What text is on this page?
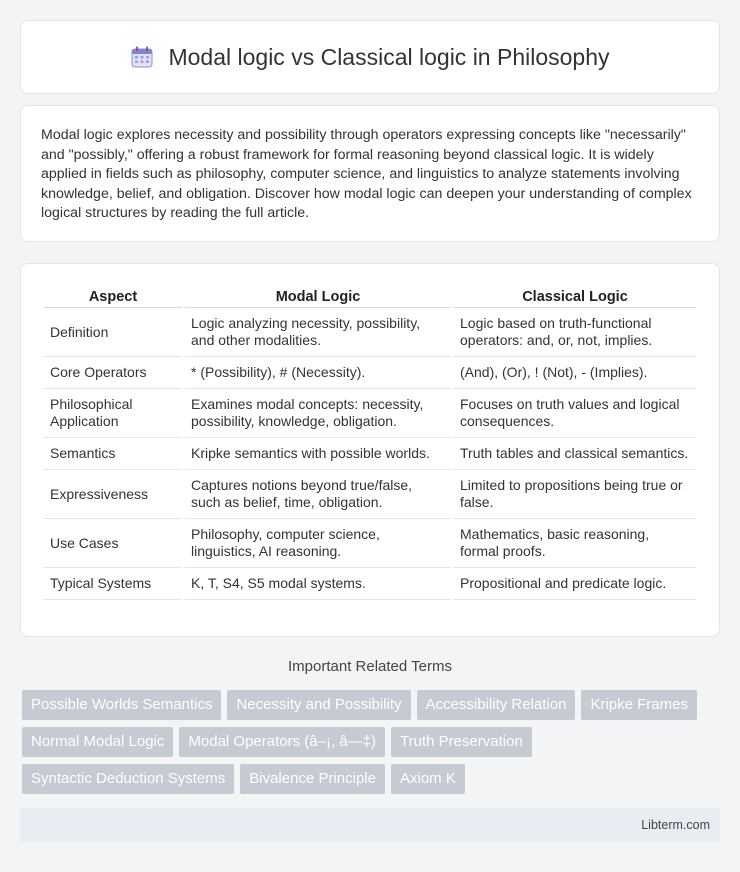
Modal logic vs Classical logic in Philosophy

Modal logic explores necessity and possibility through operators expressing concepts like "necessarily" and "possibly," offering a robust framework for formal reasoning beyond classical logic. It is widely applied in fields such as philosophy, computer science, and linguistics to analyze statements involving knowledge, belief, and obligation. Discover how modal logic can deepen your understanding of complex logical structures by reading the full article.

Aspect	Modal Logic	Classical Logic
Definition	Logic analyzing necessity, possibility, and other modalities.	Logic based on truth-functional operators: and, or, not, implies.
Core Operators	* (Possibility), # (Necessity).	(And), (Or), ! (Not), - (Implies).
Philosophical Application	Examines modal concepts: necessity, possibility, knowledge, obligation.	Focuses on truth values and logical consequences.
Semantics	Kripke semantics with possible worlds.	Truth tables and classical semantics.
Expressiveness	Captures notions beyond true/false, such as belief, time, obligation.	Limited to propositions being true or false.
Use Cases	Philosophy, computer science, linguistics, AI reasoning.	Mathematics, basic reasoning, formal proofs.
Typical Systems	K, T, S4, S5 modal systems.	Propositional and predicate logic.
Important Related Terms
Possible Worlds Semantics	Necessity and Possibility	Accessibility Relation	Kripke Frames
Normal Modal Logic	Modal Operators (â–¡, â—‡)	Truth Preservation
Syntactic Deduction Systems	Bivalence Principle	Axiom K
Libterm.com
